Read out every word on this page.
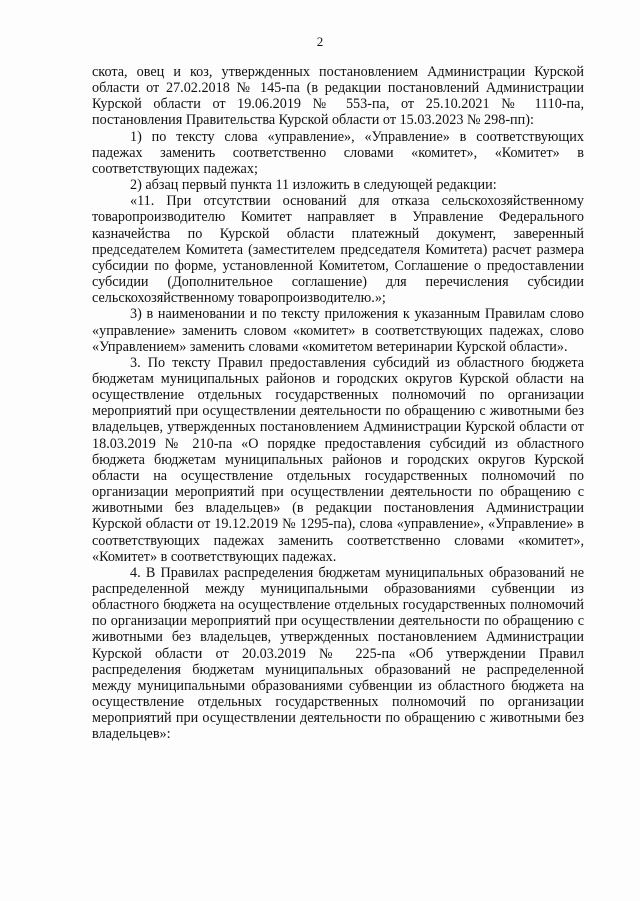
2

скота, овец и коз, утвержденных постановлением Администрации Курской области от 27.02.2018 № 145-па (в редакции постановлений Администрации Курской области от 19.06.2019 № 553-па, от 25.10.2021 № 1110-па, постановления Правительства Курской области от 15.03.2023 № 298-пп):

1) по тексту слова «управление», «Управление» в соответствующих падежах заменить соответственно словами «комитет», «Комитет» в соответствующих падежах;

2) абзац первый пункта 11 изложить в следующей редакции:

«11. При отсутствии оснований для отказа сельскохозяйственному товаропроизводителю Комитет направляет в Управление Федерального казначейства по Курской области платежный документ, заверенный председателем Комитета (заместителем председателя Комитета) расчет размера субсидии по форме, установленной Комитетом, Соглашение о предоставлении субсидии (Дополнительное соглашение) для перечисления субсидии сельскохозяйственному товаропроизводителю.»;

3) в наименовании и по тексту приложения к указанным Правилам слово «управление» заменить словом «комитет» в соответствующих падежах, слово «Управлением» заменить словами «комитетом ветеринарии Курской области».

3. По тексту Правил предоставления субсидий из областного бюджета бюджетам муниципальных районов и городских округов Курской области на осуществление отдельных государственных полномочий по организации мероприятий при осуществлении деятельности по обращению с животными без владельцев, утвержденных постановлением Администрации Курской области от 18.03.2019 № 210-па «О порядке предоставления субсидий из областного бюджета бюджетам муниципальных районов и городских округов Курской области на осуществление отдельных государственных полномочий по организации мероприятий при осуществлении деятельности по обращению с животными без владельцев» (в редакции постановления Администрации Курской области от 19.12.2019 № 1295-па), слова «управление», «Управление» в соответствующих падежах заменить соответственно словами «комитет», «Комитет» в соответствующих падежах.

4. В Правилах распределения бюджетам муниципальных образований не распределенной между муниципальными образованиями субвенции из областного бюджета на осуществление отдельных государственных полномочий по организации мероприятий при осуществлении деятельности по обращению с животными без владельцев, утвержденных постановлением Администрации Курской области от 20.03.2019 № 225-па «Об утверждении Правил распределения бюджетам муниципальных образований не распределенной между муниципальными образованиями субвенции из областного бюджета на осуществление отдельных государственных полномочий по организации мероприятий при осуществлении деятельности по обращению с животными без владельцев»:
